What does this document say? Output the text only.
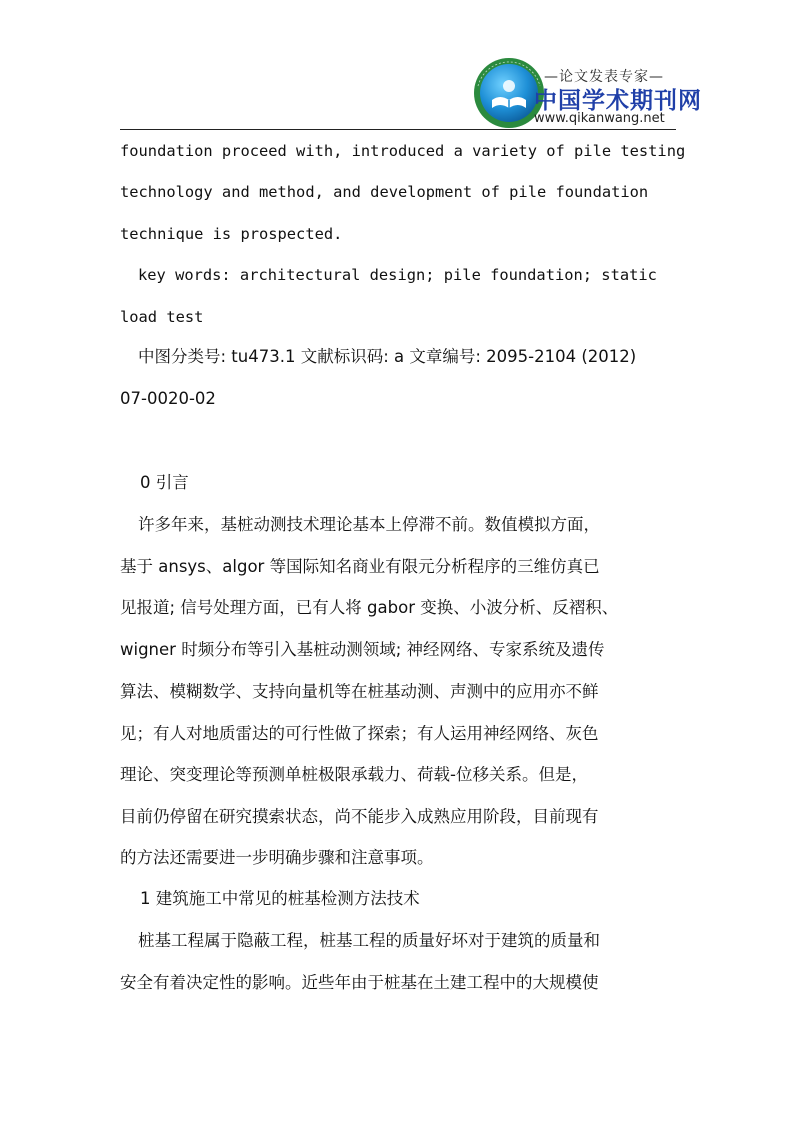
—论文发表专家—
中国学术期刊网
www.qikanwang.net
foundation proceed with, introduced a variety of pile testing
technology and method, and development of pile foundation
technique is prospected.
key words: architectural design; pile foundation; static
load test
中图分类号: tu473.1 文献标识码: a 文章编号: 2095-2104 (2012)
07-0020-02
0 引言
许多年来，基桩动测技术理论基本上停滞不前。数值模拟方面，
基于 ansys、algor 等国际知名商业有限元分析程序的三维仿真已
见报道; 信号处理方面，已有人将 gabor 变换、小波分析、反褶积、
wigner 时频分布等引入基桩动测领域; 神经网络、专家系统及遗传
算法、模糊数学、支持向量机等在桩基动测、声测中的应用亦不鲜
见；有人对地质雷达的可行性做了探索；有人运用神经网络、灰色
理论、突变理论等预测单桩极限承载力、荷载-位移关系。但是，
目前仍停留在研究摸索状态，尚不能步入成熟应用阶段，目前现有
的方法还需要进一步明确步骤和注意事项。
1 建筑施工中常见的桩基检测方法技术
桩基工程属于隐蔽工程，桩基工程的质量好坏对于建筑的质量和
安全有着决定性的影响。近些年由于桩基在土建工程中的大规模使
